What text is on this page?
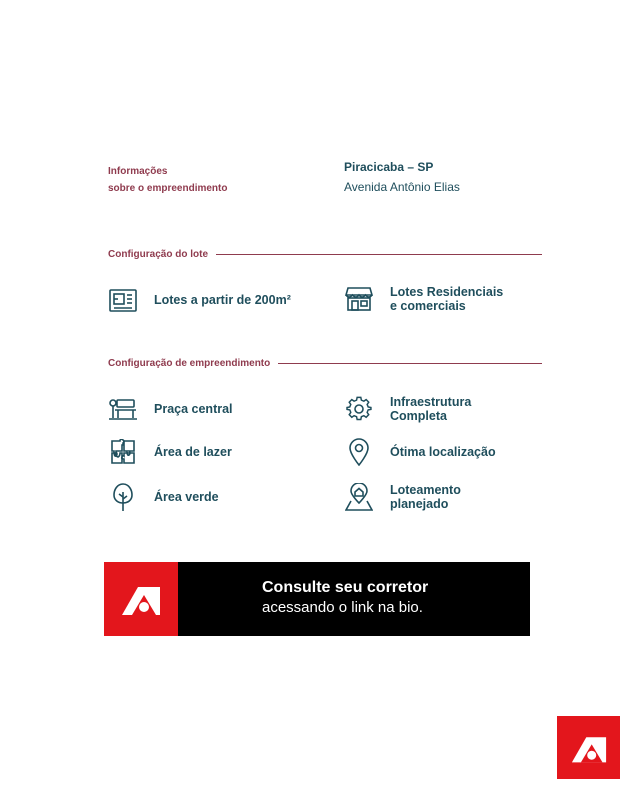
Informações
sobre o empreendimento
Piracicaba – SP
Avenida Antônio Elias
Configuração do lote
Lotes a partir de 200m²
Lotes Residenciais
e comerciais
Configuração de empreendimento
Praça central	Infraestrutura
Completa
Área de lazer	Ótima localização
Área verde	Loteamento
planejado
Consulte seu corretor
acessando o link na bio.
